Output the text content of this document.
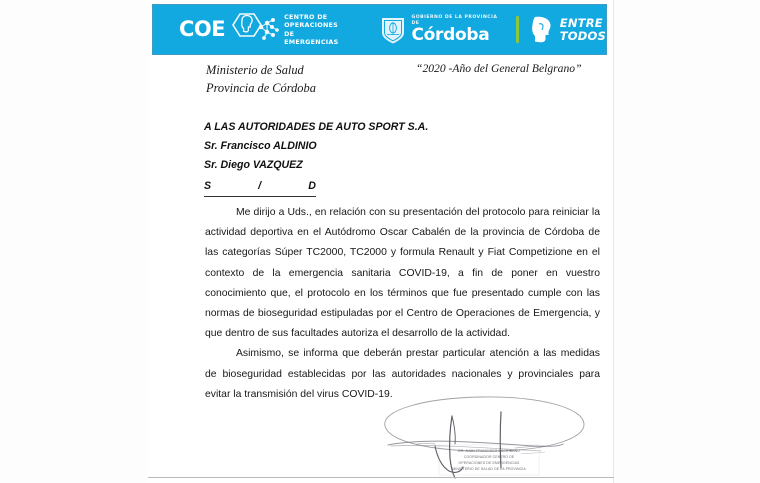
COE
CENTRO DE
OPERACIONES DE
EMERGENCIAS
GOBIERNO DE LA PROVINCIA DE
Córdoba
ENTRE
TODOS
Ministerio de Salud
Provincia de Córdoba
“2020 -Año del General Belgrano”
A LAS AUTORIDADES DE AUTO SPORT S.A.
Sr. Francisco ALDINIO
Sr. Diego VAZQUEZ
S                /                D

Me dirijo a Uds., en relación con su presentación del protocolo para reiniciar la actividad deportiva en el Autódromo Oscar Cabalén de la provincia de Córdoba de las categorías Súper TC2000, TC2000 y formula Renault y Fiat Competizione en el contexto de la emergencia sanitaria COVID-19, a fin de poner en vuestro conocimiento que, el protocolo en los términos que fue presentado cumple con las normas de bioseguridad estipuladas por el Centro de Operaciones de Emergencia, y que dentro de sus facultades autoriza el desarrollo de la actividad.

Asimismo, se informa que deberán prestar particular atención a las medidas de bioseguridad establecidas por las autoridades nacionales y provinciales para evitar la transmisión del virus COVID-19.

DR. JUAN FRANCISCO ESCRIBANO
COORDINADOR CENTRO DE
OPERACIONES DE EMERGENCIAS
MINISTERIO DE SALUD DE LA PROVINCIA
